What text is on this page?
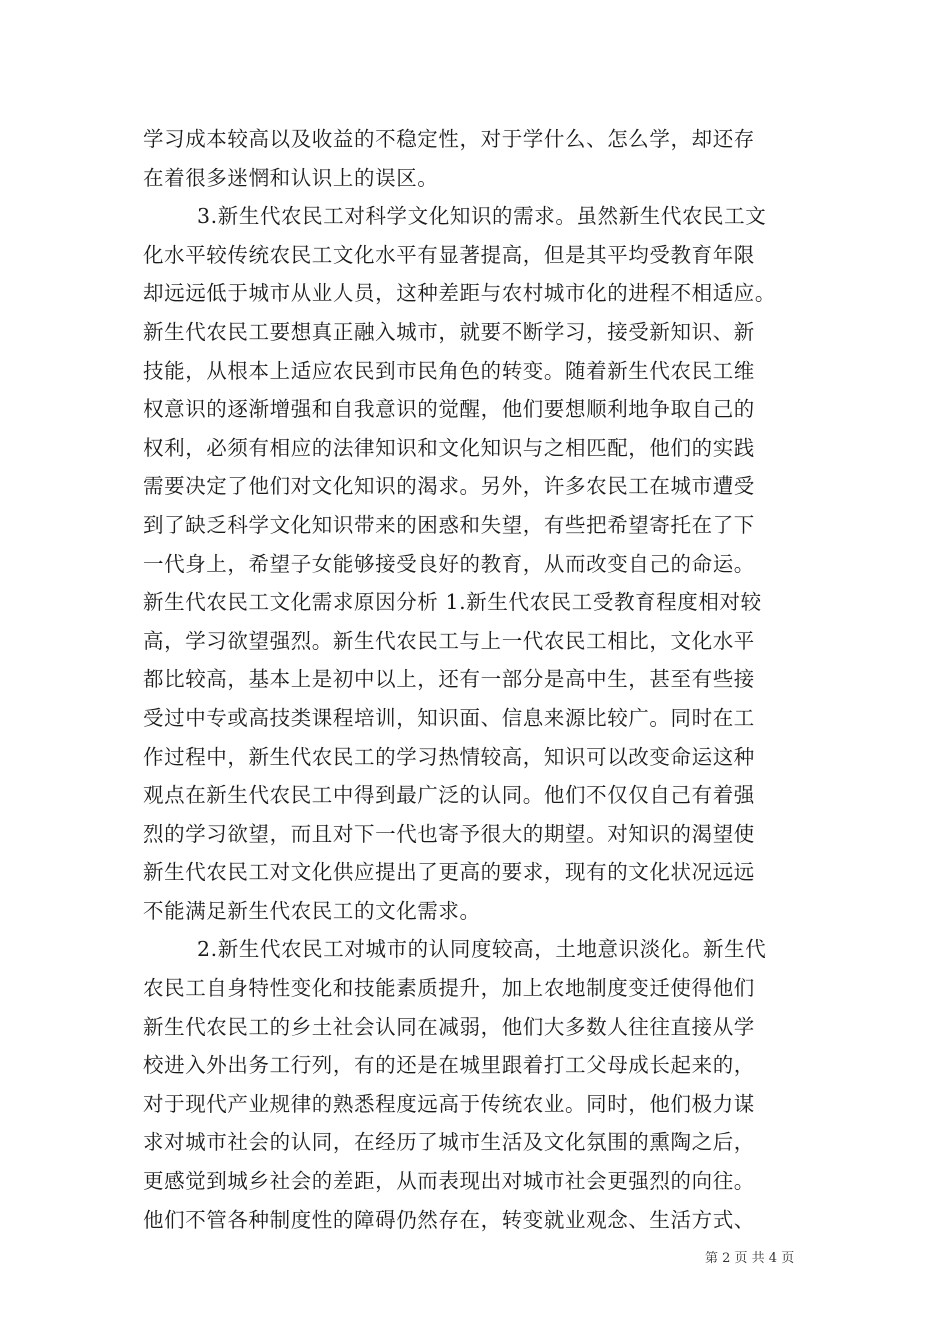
学习成本较高以及收益的不稳定性，对于学什么、怎么学，却还存
在着很多迷惘和认识上的误区。
3.新生代农民工对科学文化知识的需求。虽然新生代农民工文
化水平较传统农民工文化水平有显著提高，但是其平均受教育年限
却远远低于城市从业人员，这种差距与农村城市化的进程不相适应。
新生代农民工要想真正融入城市，就要不断学习，接受新知识、新
技能，从根本上适应农民到市民角色的转变。随着新生代农民工维
权意识的逐渐增强和自我意识的觉醒，他们要想顺利地争取自己的
权利，必须有相应的法律知识和文化知识与之相匹配，他们的实践
需要决定了他们对文化知识的渴求。另外，许多农民工在城市遭受
到了缺乏科学文化知识带来的困惑和失望，有些把希望寄托在了下
一代身上，希望子女能够接受良好的教育，从而改变自己的命运。
新生代农民工文化需求原因分析 1.新生代农民工受教育程度相对较
高，学习欲望强烈。新生代农民工与上一代农民工相比，文化水平
都比较高，基本上是初中以上，还有一部分是高中生，甚至有些接
受过中专或高技类课程培训，知识面、信息来源比较广。同时在工
作过程中，新生代农民工的学习热情较高，知识可以改变命运这种
观点在新生代农民工中得到最广泛的认同。他们不仅仅自己有着强
烈的学习欲望，而且对下一代也寄予很大的期望。对知识的渴望使
新生代农民工对文化供应提出了更高的要求，现有的文化状况远远
不能满足新生代农民工的文化需求。
2.新生代农民工对城市的认同度较高，土地意识淡化。新生代
农民工自身特性变化和技能素质提升，加上农地制度变迁使得他们
新生代农民工的乡土社会认同在减弱，他们大多数人往往直接从学
校进入外出务工行列，有的还是在城里跟着打工父母成长起来的，
对于现代产业规律的熟悉程度远高于传统农业。同时，他们极力谋
求对城市社会的认同，在经历了城市生活及文化氛围的熏陶之后，
更感觉到城乡社会的差距，从而表现出对城市社会更强烈的向往。
他们不管各种制度性的障碍仍然存在，转变就业观念、生活方式、
第 2 页 共 4 页
